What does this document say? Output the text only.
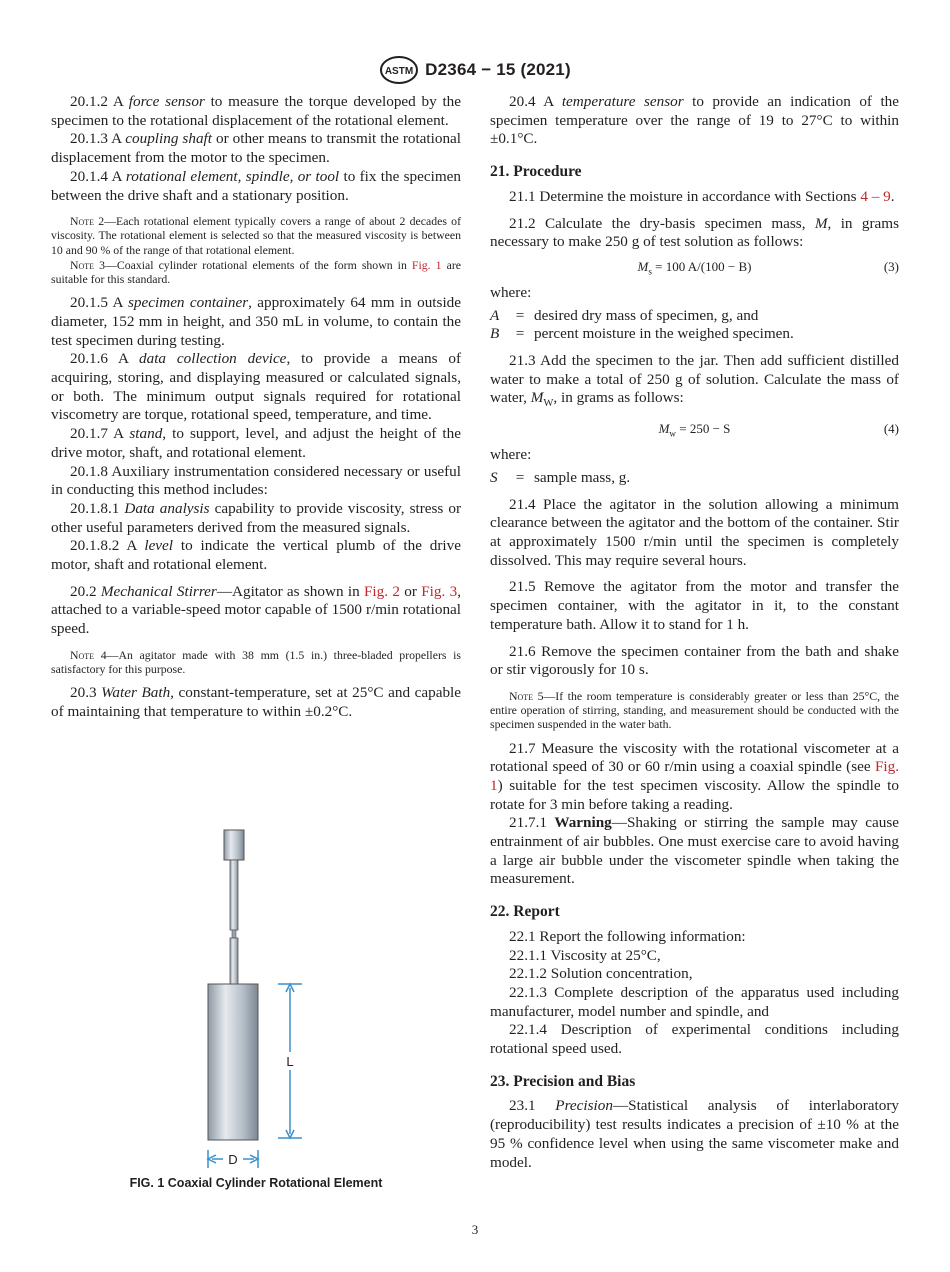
ASTM D2364 − 15 (2021)

20.1.2 A force sensor to measure the torque developed by the specimen to the rotational displacement of the rotational element.

20.1.3 A coupling shaft or other means to transmit the rotational displacement from the motor to the specimen.

20.1.4 A rotational element, spindle, or tool to fix the specimen between the drive shaft and a stationary position.

Note 2—Each rotational element typically covers a range of about 2 decades of viscosity. The rotational element is selected so that the measured viscosity is between 10 and 90 % of the range of that rotational element.

Note 3—Coaxial cylinder rotational elements of the form shown in Fig. 1 are suitable for this standard.

20.1.5 A specimen container, approximately 64 mm in outside diameter, 152 mm in height, and 350 mL in volume, to contain the test specimen during testing.

20.1.6 A data collection device, to provide a means of acquiring, storing, and displaying measured or calculated signals, or both. The minimum output signals required for rotational viscometry are torque, rotational speed, temperature, and time.

20.1.7 A stand, to support, level, and adjust the height of the drive motor, shaft, and rotational element.

20.1.8 Auxiliary instrumentation considered necessary or useful in conducting this method includes:

20.1.8.1 Data analysis capability to provide viscosity, stress or other useful parameters derived from the measured signals.

20.1.8.2 A level to indicate the vertical plumb of the drive motor, shaft and rotational element.

20.2 Mechanical Stirrer—Agitator as shown in Fig. 2 or Fig. 3, attached to a variable-speed motor capable of 1500 r/min rotational speed.

Note 4—An agitator made with 38 mm (1.5 in.) three-bladed propellers is satisfactory for this purpose.

20.3 Water Bath, constant-temperature, set at 25°C and capable of maintaining that temperature to within ±0.2°C.

L
D
FIG. 1 Coaxial Cylinder Rotational Element

20.4 A temperature sensor to provide an indication of the specimen temperature over the range of 19 to 27°C to within ±0.1°C.

21. Procedure

21.1 Determine the moisture in accordance with Sections 4 – 9.

21.2 Calculate the dry-basis specimen mass, M, in grams necessary to make 250 g of test solution as follows:

$M_s = 100$ A/(100 − B)	(3)

where:

A	= desired dry mass of specimen, g, and
B	= percent moisture in the weighed specimen.

21.3 Add the specimen to the jar. Then add sufficient distilled water to make a total of 250 g of solution. Calculate the mass of water, $M_W$, in grams as follows:

$M_w = 250 - S$	(4)

where:

S	= sample mass, g.

21.4 Place the agitator in the solution allowing a minimum clearance between the agitator and the bottom of the container. Stir at approximately 1500 r/min until the specimen is completely dissolved. This may require several hours.

21.5 Remove the agitator from the motor and transfer the specimen container, with the agitator in it, to the constant temperature bath. Allow it to stand for 1 h.

21.6 Remove the specimen container from the bath and shake or stir vigorously for 10 s.

Note 5—If the room temperature is considerably greater or less than 25°C, the entire operation of stirring, standing, and measurement should be conducted with the specimen suspended in the water bath.

21.7 Measure the viscosity with the rotational viscometer at a rotational speed of 30 or 60 r/min using a coaxial spindle (see Fig. 1) suitable for the test specimen viscosity. Allow the spindle to rotate for 3 min before taking a reading.

21.7.1 Warning—Shaking or stirring the sample may cause entrainment of air bubbles. One must exercise care to avoid having a large air bubble under the viscometer spindle when taking the measurement.

22. Report

22.1 Report the following information:

22.1.1 Viscosity at 25°C,

22.1.2 Solution concentration,

22.1.3 Complete description of the apparatus used including manufacturer, model number and spindle, and

22.1.4 Description of experimental conditions including rotational speed used.

23. Precision and Bias

23.1 Precision—Statistical analysis of interlaboratory (reproducibility) test results indicates a precision of ±10 % at the 95 % confidence level when using the same viscometer make and model.

3
